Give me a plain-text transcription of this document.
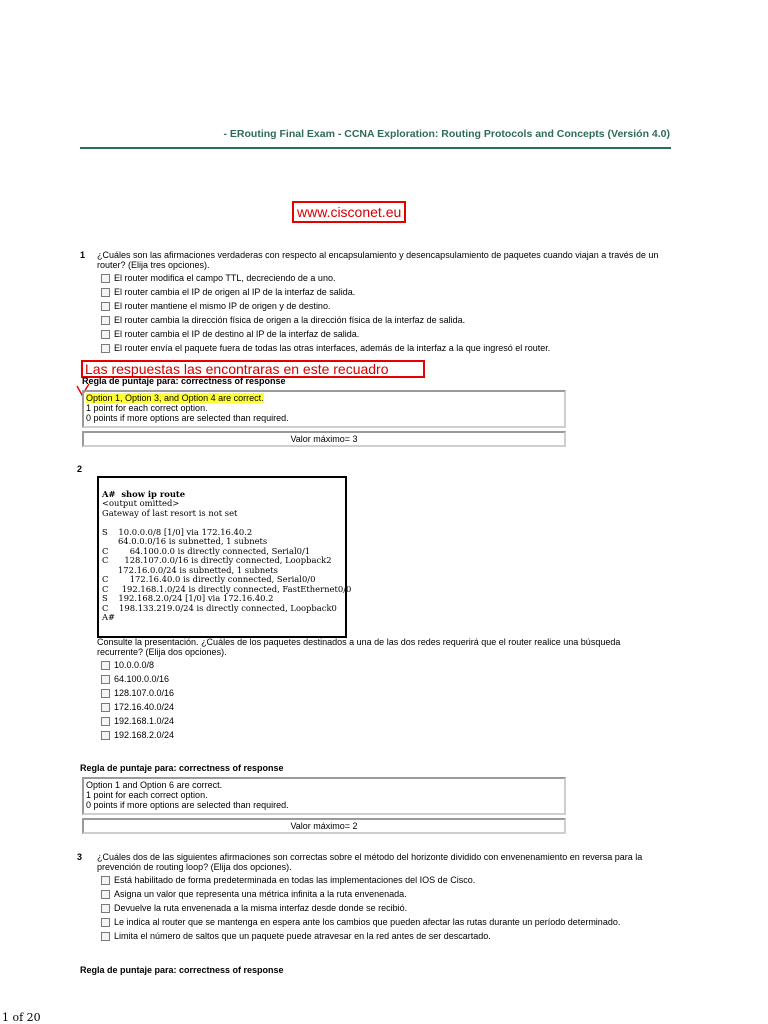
- ERouting Final Exam - CCNA Exploration: Routing Protocols and Concepts (Versión 4.0)
www.cisconet.eu
1 ¿Cuáles son las afirmaciones verdaderas con respecto al encapsulamiento y desencapsulamiento de paquetes cuando viajan a través de un router? (Elija tres opciones).
El router modifica el campo TTL, decreciendo de a uno.
El router cambia el IP de origen al IP de la interfaz de salida.
El router mantiene el mismo IP de origen y de destino.
El router cambia la dirección física de origen a la dirección física de la interfaz de salida.
El router cambia el IP de destino al IP de la interfaz de salida.
El router envía el paquete fuera de todas las otras interfaces, además de la interfaz a la que ingresó el router.
Las respuestas las encontraras en este recuadro
Regla de puntaje para: correctness of response
Option 1, Option 3, and Option 4 are correct.
1 point for each correct option.
0 points if more options are selected than required.
Valor máximo= 3
2

A#  show ip route
<output omitted>
Gateway of last resort is not set
S    10.0.0.0/8 [1/0] via 172.16.40.2
64.0.0.0/16 is subnetted, 1 subnets
C        64.100.0.0 is directly connected, Serial0/1
C      128.107.0.0/16 is directly connected, Loopback2
172.16.0.0/24 is subnetted, 1 subnets
C        172.16.40.0 is directly connected, Serial0/0
C     192.168.1.0/24 is directly connected, FastEthernet0/0
S    192.168.2.0/24 [1/0] via 172.16.40.2
C    198.133.219.0/24 is directly connected, Loopback0
A#

Consulte la presentación. ¿Cuáles de los paquetes destinados a una de las dos redes requerirá que el router realice una búsqueda recurrente? (Elija dos opciones).
10.0.0.0/8
64.100.0.0/16
128.107.0.0/16
172.16.40.0/24
192.168.1.0/24
192.168.2.0/24
Regla de puntaje para: correctness of response
Option 1 and Option 6 are correct.
1 point for each correct option.
0 points if more options are selected than required.
Valor máximo= 2
3 ¿Cuáles dos de las siguientes afirmaciones son correctas sobre el método del horizonte dividido con envenenamiento en reversa para la prevención de routing loop? (Elija dos opciones).
Está habilitado de forma predeterminada en todas las implementaciones del IOS de Cisco.
Asigna un valor que representa una métrica infinita a la ruta envenenada.
Devuelve la ruta envenenada a la misma interfaz desde donde se recibió.
Le indica al router que se mantenga en espera ante los cambios que pueden afectar las rutas durante un período determinado.
Limita el número de saltos que un paquete puede atravesar en la red antes de ser descartado.
Regla de puntaje para: correctness of response
1 of 20
